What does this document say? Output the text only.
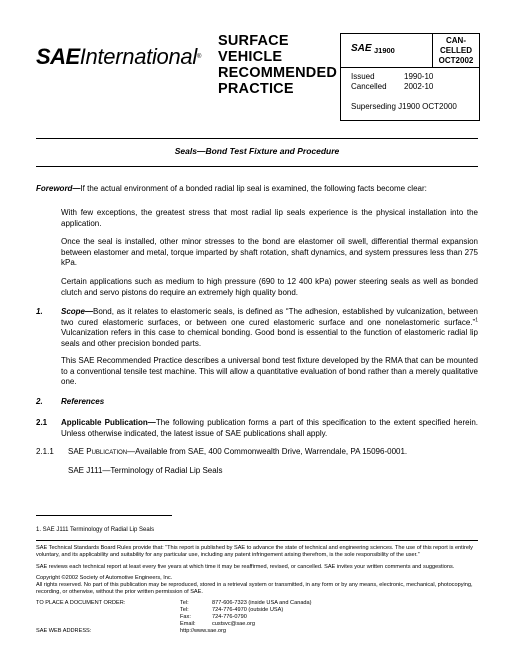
SAEInternational®
SURFACE
VEHICLE
RECOMMENDED
PRACTICE
SAE J1900
CAN-
CELLED
OCT2002
Issued	1990-10
Cancelled 2002-10
Superseding J1900 OCT2000
Seals—Bond Test Fixture and Procedure
Foreword—If the actual environment of a bonded radial lip seal is examined, the following facts become clear:
With few exceptions, the greatest stress that most radial lip seals experience is the physical installation into the application.
Once the seal is installed, other minor stresses to the bond are elastomer oil swell, differential thermal expansion between elastomer and metal, torque imparted by shaft rotation, shaft dynamics, and system pressures less than 275 kPa.
Certain applications such as medium to high pressure (690 to 12 400 kPa) power steering seals as well as bonded clutch and servo pistons do require an extremely high quality bond.
1. Scope—Bond, as it relates to elastomeric seals, is defined as “The adhesion, established by vulcanization, between two cured elastomeric surfaces, or between one cured elastomeric surface and one nonelastomeric surface.”$^1$ Vulcanization refers in this case to chemical bonding. Good bond is essential to the function of elastomeric radial lip seals and other precision bonded parts.
This SAE Recommended Practice describes a universal bond test fixture developed by the RMA that can be mounted to a conventional tensile test machine. This will allow a quantitative evaluation of bond rather than a merely qualitative one.
2. References
2.1 Applicable Publication—The following publication forms a part of this specification to the extent specified herein. Unless otherwise indicated, the latest issue of SAE publications shall apply.
2.1.1 SAE Publication—Available from SAE, 400 Commonwealth Drive, Warrendale, PA 15096-0001.
SAE J111—Terminology of Radial Lip Seals
1. SAE J111 Terminology of Radial Lip Seals
SAE Technical Standards Board Rules provide that: “This report is published by SAE to advance the state of technical and engineering sciences. The use of this report is entirely voluntary, and its applicability and suitability for any particular use, including any patent infringement arising therefrom, is the sole responsibility of the user.”
SAE reviews each technical report at least every five years at which time it may be reaffirmed, revised, or cancelled. SAE invites your written comments and suggestions.
Copyright ©2002 Society of Automotive Engineers, Inc.
All rights reserved. No part of this publication may be reproduced, stored in a retrieval system or transmitted, in any form or by any means, electronic, mechanical, photocopying, recording, or otherwise, without the prior written permission of SAE.
TO PLACE A DOCUMENT ORDER:	Tel:	877-606-7323 (inside USA and Canada)
Tel:	724-776-4970 (outside USA)
Fax:	724-776-0790
Email:	custsvc@sae.org
SAE WEB ADDRESS:	http://www.sae.org
